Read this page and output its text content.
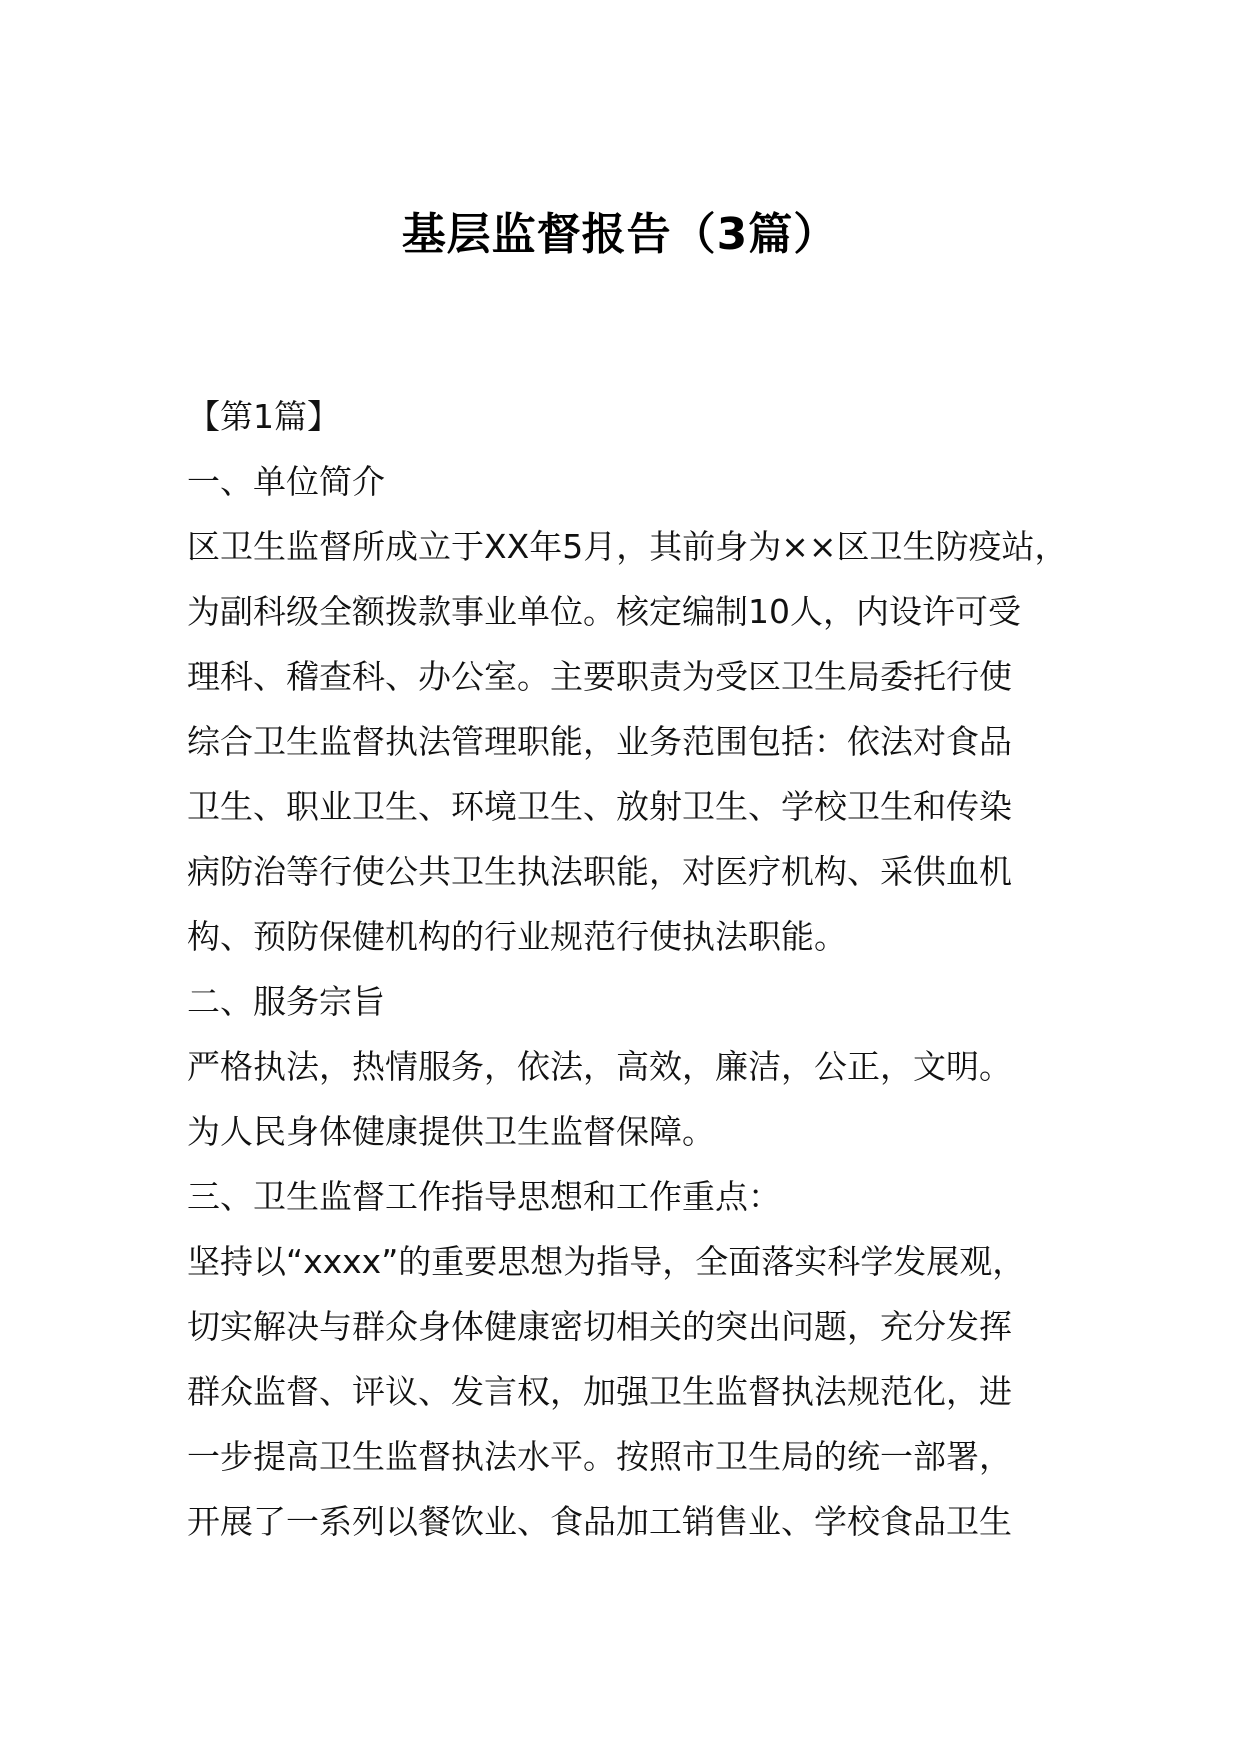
基层监督报告（3篇）
【第1篇】
一、单位简介
区卫生监督所成立于XX年5月，其前身为××区卫生防疫站，
为副科级全额拨款事业单位。核定编制10人，内设许可受
理科、稽查科、办公室。主要职责为受区卫生局委托行使
综合卫生监督执法管理职能，业务范围包括：依法对食品
卫生、职业卫生、环境卫生、放射卫生、学校卫生和传染
病防治等行使公共卫生执法职能，对医疗机构、采供血机
构、预防保健机构的行业规范行使执法职能。
二、服务宗旨
严格执法，热情服务，依法，高效，廉洁，公正，文明。
为人民身体健康提供卫生监督保障。
三、卫生监督工作指导思想和工作重点：
坚持以“xxxx”的重要思想为指导，全面落实科学发展观，
切实解决与群众身体健康密切相关的突出问题，充分发挥
群众监督、评议、发言权，加强卫生监督执法规范化，进
一步提高卫生监督执法水平。按照市卫生局的统一部署，
开展了一系列以餐饮业、食品加工销售业、学校食品卫生
